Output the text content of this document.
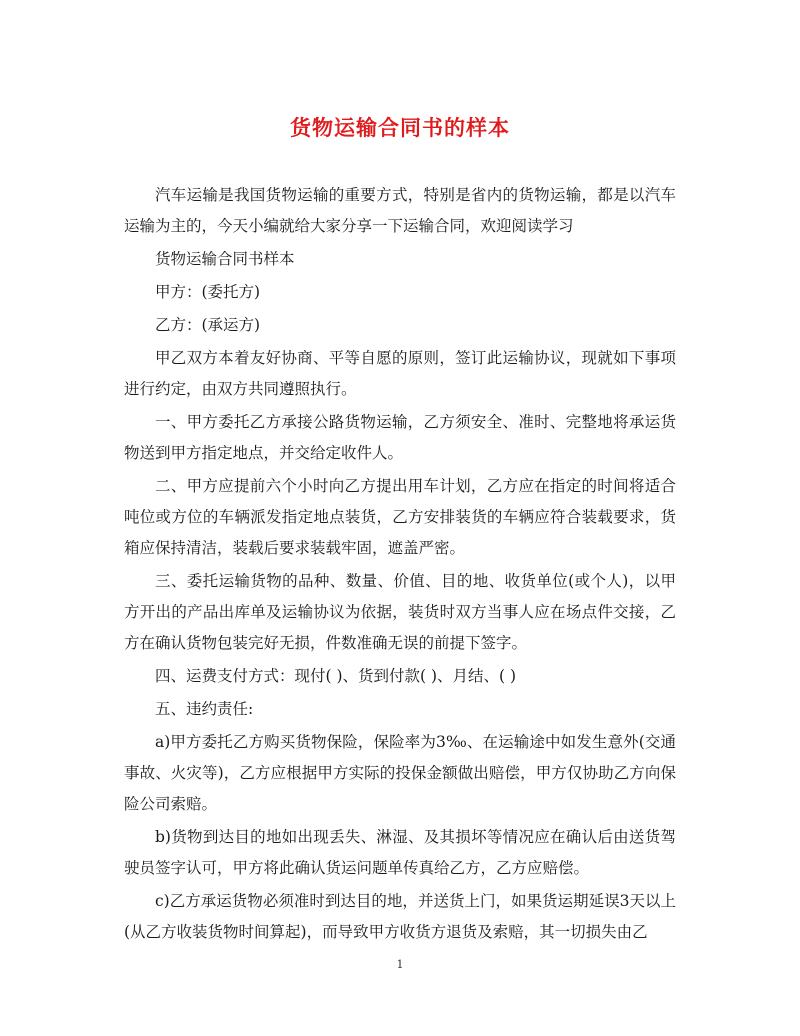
货物运输合同书的样本

汽车运输是我国货物运输的重要方式，特别是省内的货物运输，都是以汽车运输为主的，今天小编就给大家分享一下运输合同，欢迎阅读学习

货物运输合同书样本

甲方：(委托方)

乙方：(承运方)

甲乙双方本着友好协商、平等自愿的原则，签订此运输协议，现就如下事项进行约定，由双方共同遵照执行。

一、甲方委托乙方承接公路货物运输，乙方须安全、准时、完整地将承运货物送到甲方指定地点，并交给定收件人。

二、甲方应提前六个小时向乙方提出用车计划，乙方应在指定的时间将适合吨位或方位的车辆派发指定地点装货，乙方安排装货的车辆应符合装载要求，货箱应保持清洁，装载后要求装载牢固，遮盖严密。

三、委托运输货物的品种、数量、价值、目的地、收货单位(或个人)，以甲方开出的产品出库单及运输协议为依据，装货时双方当事人应在场点件交接，乙方在确认货物包装完好无损，件数准确无误的前提下签字。

四、运费支付方式：现付( )、货到付款( )、月结、( )

五、违约责任:

a)甲方委托乙方购买货物保险，保险率为3‰、在运输途中如发生意外(交通事故、火灾等)，乙方应根据甲方实际的投保金额做出赔偿，甲方仅协助乙方向保险公司索赔。

b)货物到达目的地如出现丢失、淋湿、及其损坏等情况应在确认后由送货驾驶员签字认可，甲方将此确认货运问题单传真给乙方，乙方应赔偿。

c)乙方承运货物必须准时到达目的地，并送货上门，如果货运期延误3天以上(从乙方收装货物时间算起)，而导致甲方收货方退货及索赔，其一切损失由乙

1
